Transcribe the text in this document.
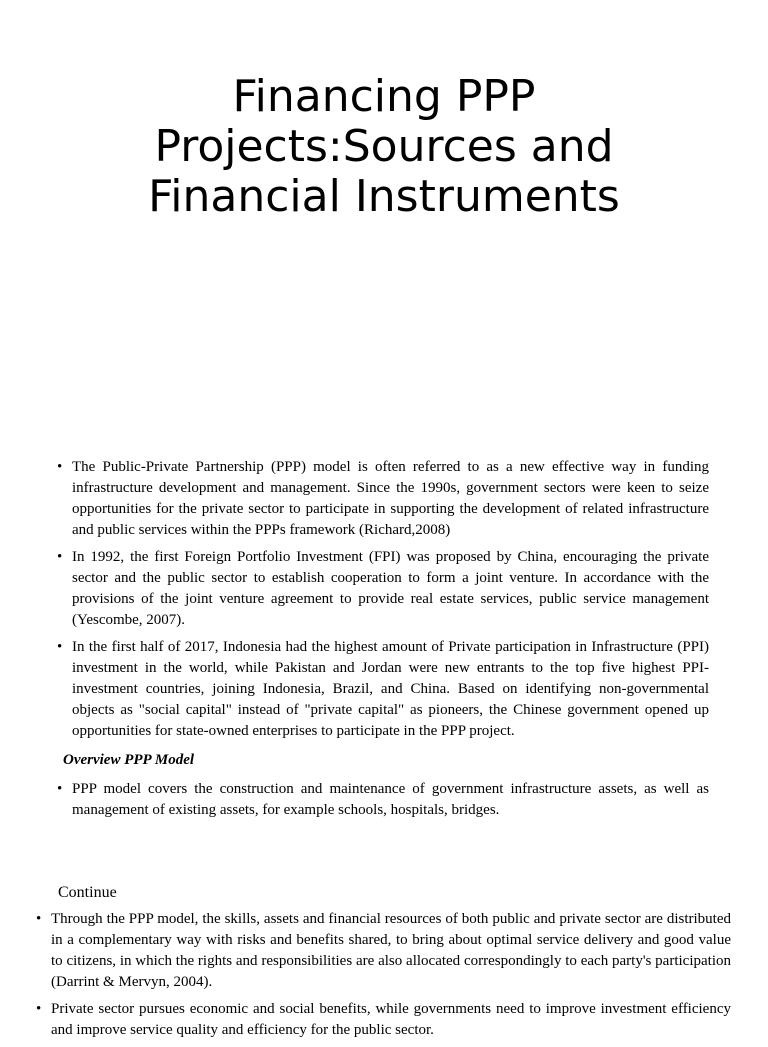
Financing PPP Projects:Sources and Financial Instruments
• The Public-Private Partnership (PPP) model is often referred to as a new effective way in funding infrastructure development and management. Since the 1990s, government sectors were keen to seize opportunities for the private sector to participate in supporting the development of related infrastructure and public services within the PPPs framework (Richard,2008)
• In 1992, the first Foreign Portfolio Investment (FPI) was proposed by China, encouraging the private sector and the public sector to establish cooperation to form a joint venture. In accordance with the provisions of the joint venture agreement to provide real estate services, public service management (Yescombe, 2007).
• In the first half of 2017, Indonesia had the highest amount of Private participation in Infrastructure (PPI) investment in the world, while Pakistan and Jordan were new entrants to the top five highest PPI-investment countries, joining Indonesia, Brazil, and China. Based on identifying non-governmental objects as "social capital" instead of "private capital" as pioneers, the Chinese government opened up opportunities for state-owned enterprises to participate in the PPP project.
Overview PPP Model
• PPP model covers the construction and maintenance of government infrastructure assets, as well as management of existing assets, for example schools, hospitals, bridges.
Continue
• Through the PPP model, the skills, assets and financial resources of both public and private sector are distributed in a complementary way with risks and benefits shared, to bring about optimal service delivery and good value to citizens, in which the rights and responsibilities are also allocated correspondingly to each party's participation (Darrint & Mervyn, 2004).
• Private sector pursues economic and social benefits, while governments need to improve investment efficiency and improve service quality and efficiency for the public sector.
